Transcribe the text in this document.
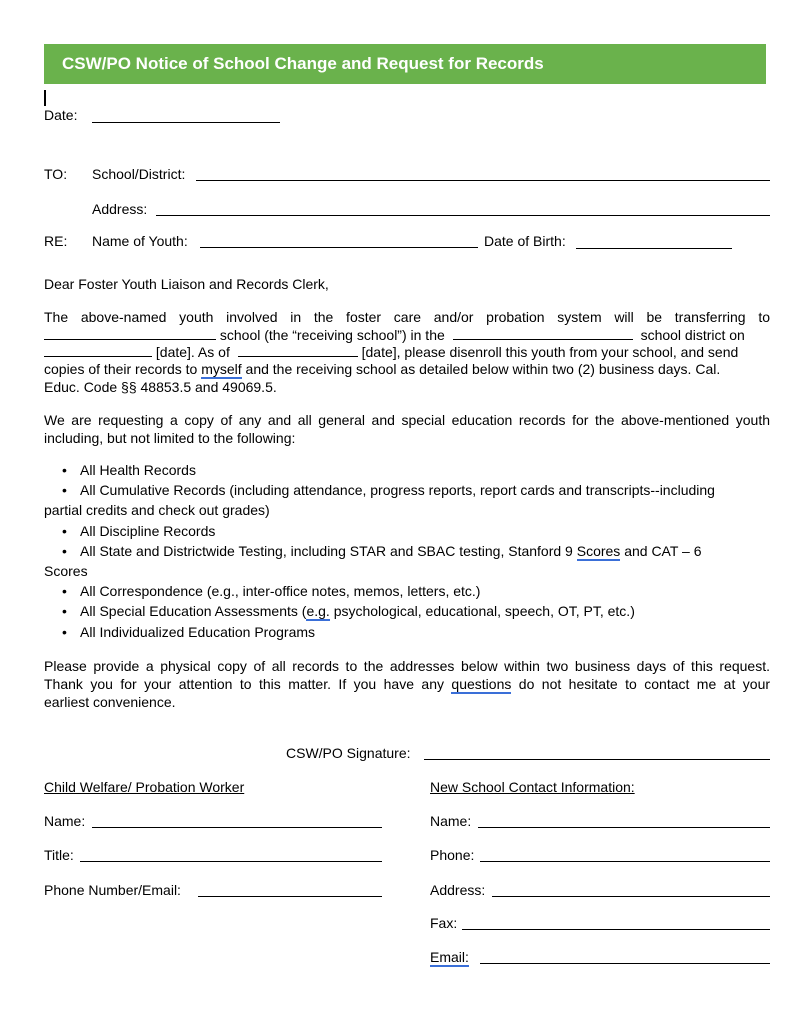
CSW/PO Notice of School Change and Request for Records
Date:
TO: School/District:
Address:
RE: Name of Youth:	Date of Birth:
Dear Foster Youth Liaison and Records Clerk,
The above-named youth involved in the foster care and/or probation system will be transferring to
school (the “receiving school”) in the	school district on
[date]. As of	[date], please disenroll this youth from your school, and send
copies of their records to myself and the receiving school as detailed below within two (2) business days. Cal.
Educ. Code §§ 48853.5 and 49069.5.
We are requesting a copy of any and all general and special education records for the above-mentioned youth including, but not limited to the following:
• All Health Records
• All Cumulative Records (including attendance, progress reports, report cards and transcripts--including
partial credits and check out grades)
• All Discipline Records
• All State and Districtwide Testing, including STAR and SBAC testing, Stanford 9 Scores and CAT – 6
Scores
• All Correspondence (e.g., inter-office notes, memos, letters, etc.)
• All Special Education Assessments (e.g. psychological, educational, speech, OT, PT, etc.)
• All Individualized Education Programs
Please provide a physical copy of all records to the addresses below within two business days of this request.
Thank you for your attention to this matter. If you have any questions do not hesitate to contact me at your
earliest convenience.
CSW/PO Signature:
Child Welfare/ Probation Worker
Name:
Title:
Phone Number/Email:
New School Contact Information:
Name:
Phone:
Address:
Fax:
Email:
